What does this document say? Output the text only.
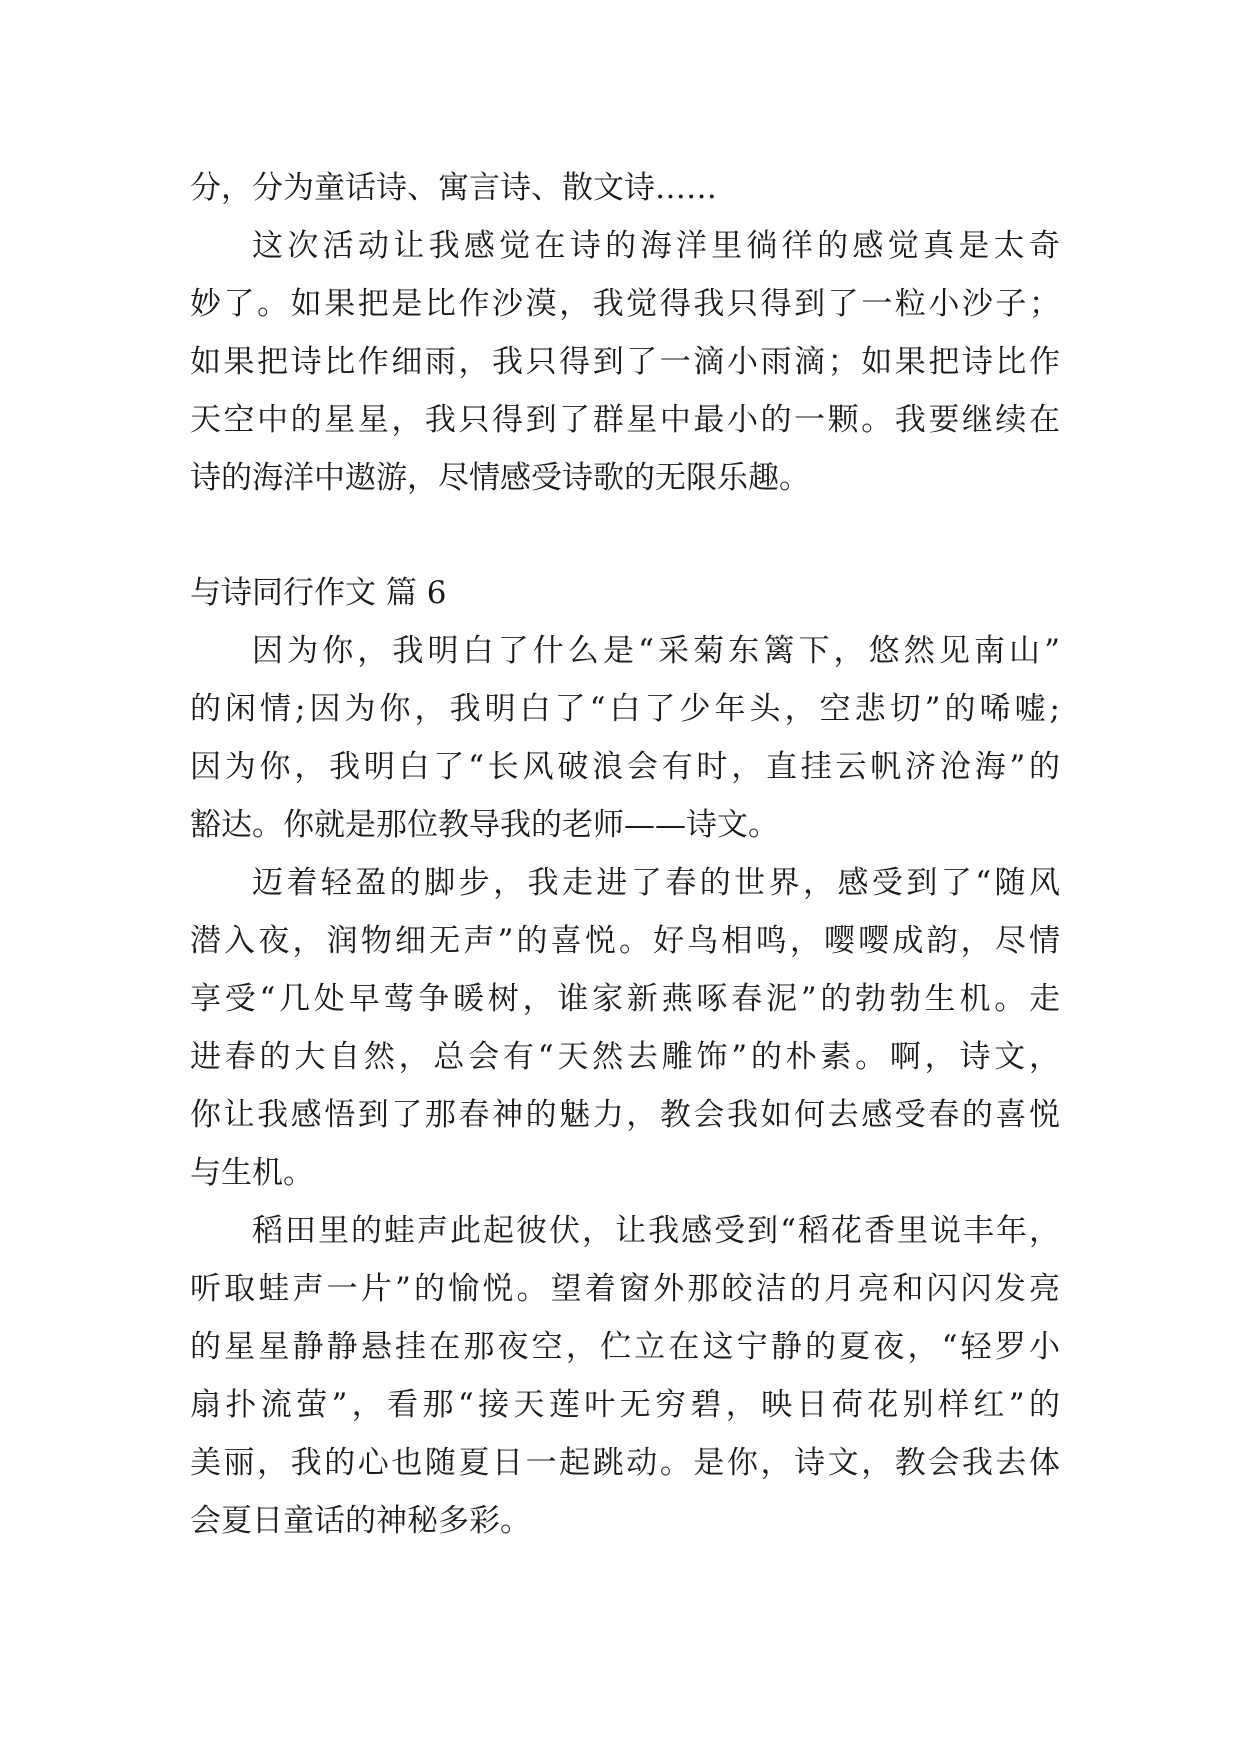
分，分为童话诗、寓言诗、散文诗……
这次活动让我感觉在诗的海洋里徜徉的感觉真是太奇
妙了。如果把是比作沙漠，我觉得我只得到了一粒小沙子；
如果把诗比作细雨，我只得到了一滴小雨滴；如果把诗比作
天空中的星星，我只得到了群星中最小的一颗。我要继续在
诗的海洋中遨游，尽情感受诗歌的无限乐趣。
与诗同行作文 篇 6
因为你，我明白了什么是“采菊东篱下，悠然见南山”
的闲情;因为你，我明白了“白了少年头，空悲切”的唏嘘;
因为你，我明白了“长风破浪会有时，直挂云帆济沧海”的
豁达。你就是那位教导我的老师——诗文。
迈着轻盈的脚步，我走进了春的世界，感受到了“随风
潜入夜，润物细无声”的喜悦。好鸟相鸣，嘤嘤成韵，尽情
享受“几处早莺争暖树，谁家新燕啄春泥”的勃勃生机。走
进春的大自然，总会有“天然去雕饰”的朴素。啊，诗文，
你让我感悟到了那春神的魅力，教会我如何去感受春的喜悦
与生机。
稻田里的蛙声此起彼伏，让我感受到“稻花香里说丰年，
听取蛙声一片”的愉悦。望着窗外那皎洁的月亮和闪闪发亮
的星星静静悬挂在那夜空，伫立在这宁静的夏夜，“轻罗小
扇扑流萤”，看那“接天莲叶无穷碧，映日荷花别样红”的
美丽，我的心也随夏日一起跳动。是你，诗文，教会我去体
会夏日童话的神秘多彩。
